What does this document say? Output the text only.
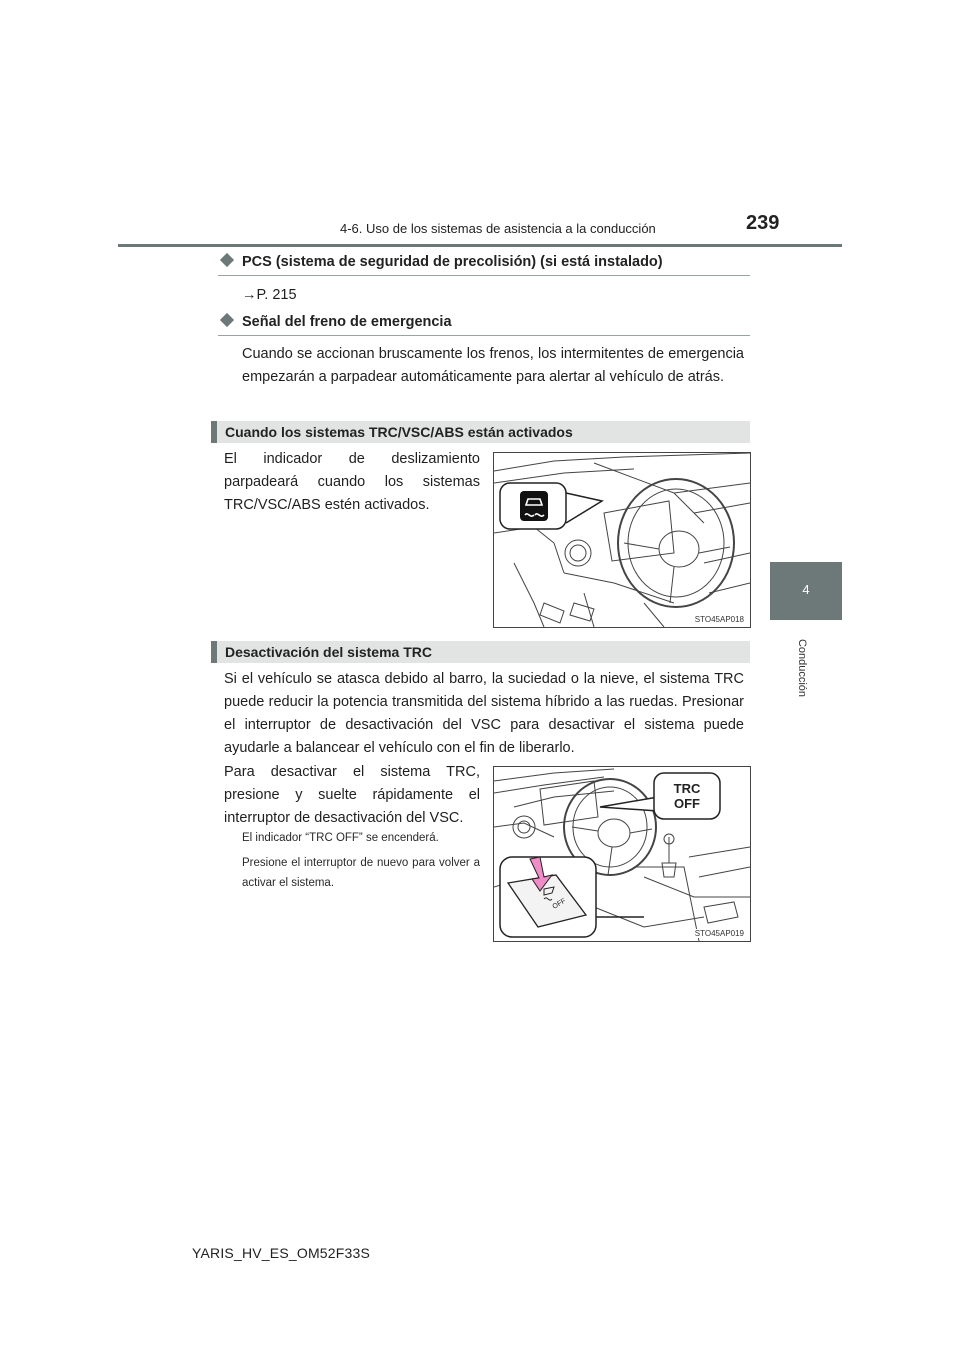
4-6. Uso de los sistemas de asistencia a la conducción	239
4
Conducción
PCS (sistema de seguridad de precolisión) (si está instalado)
→P. 215
Señal del freno de emergencia
Cuando se accionan bruscamente los frenos, los intermitentes de emergencia empezarán a parpadear automáticamente para alertar al vehículo de atrás.
Cuando los sistemas TRC/VSC/ABS están activados
El indicador de deslizamiento parpadeará cuando los sistemas TRC/VSC/ABS estén activados.
STO45AP018
Desactivación del sistema TRC
Si el vehículo se atasca debido al barro, la suciedad o la nieve, el sistema TRC puede reducir la potencia transmitida del sistema híbrido a las ruedas. Presionar el interruptor de desactivación del VSC para desactivar el sistema puede ayudarle a balancear el vehículo con el fin de liberarlo.
Para desactivar el sistema TRC, presione y suelte rápidamente el interruptor de desactivación del VSC.
El indicador “TRC OFF” se encenderá.
Presione el interruptor de nuevo para volver a activar el sistema.
TRC
OFF
OFF
STO45AP019
YARIS_HV_ES_OM52F33S
